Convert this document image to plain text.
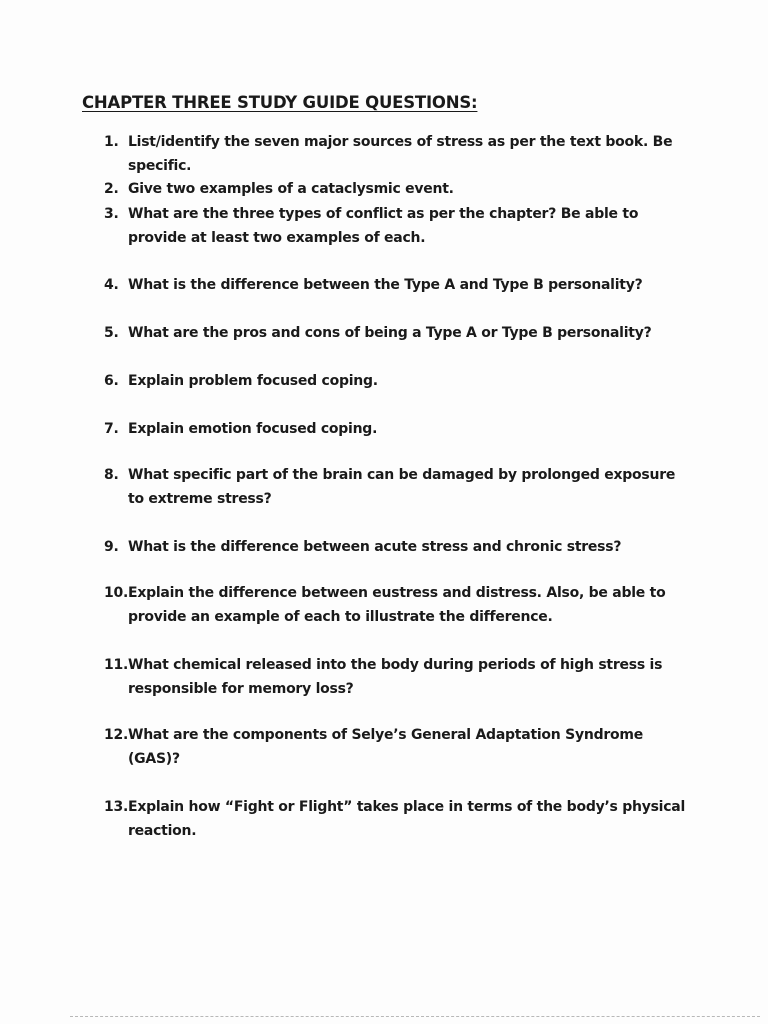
CHAPTER THREE STUDY GUIDE QUESTIONS:
1. List/identify the seven major sources of stress as per the text book. Be specific.
2. Give two examples of a cataclysmic event.
3. What are the three types of conflict as per the chapter? Be able to provide at least two examples of each.
4. What is the difference between the Type A and Type B personality?
5. What are the pros and cons of being a Type A or Type B personality?
6. Explain problem focused coping.
7. Explain emotion focused coping.
8. What specific part of the brain can be damaged by prolonged exposure to extreme stress?
9. What is the difference between acute stress and chronic stress?
10. Explain the difference between eustress and distress. Also, be able to provide an example of each to illustrate the difference.
11. What chemical released into the body during periods of high stress is responsible for memory loss?
12. What are the components of Selye’s General Adaptation Syndrome (GAS)?
13. Explain how “Fight or Flight” takes place in terms of the body’s physical reaction.
